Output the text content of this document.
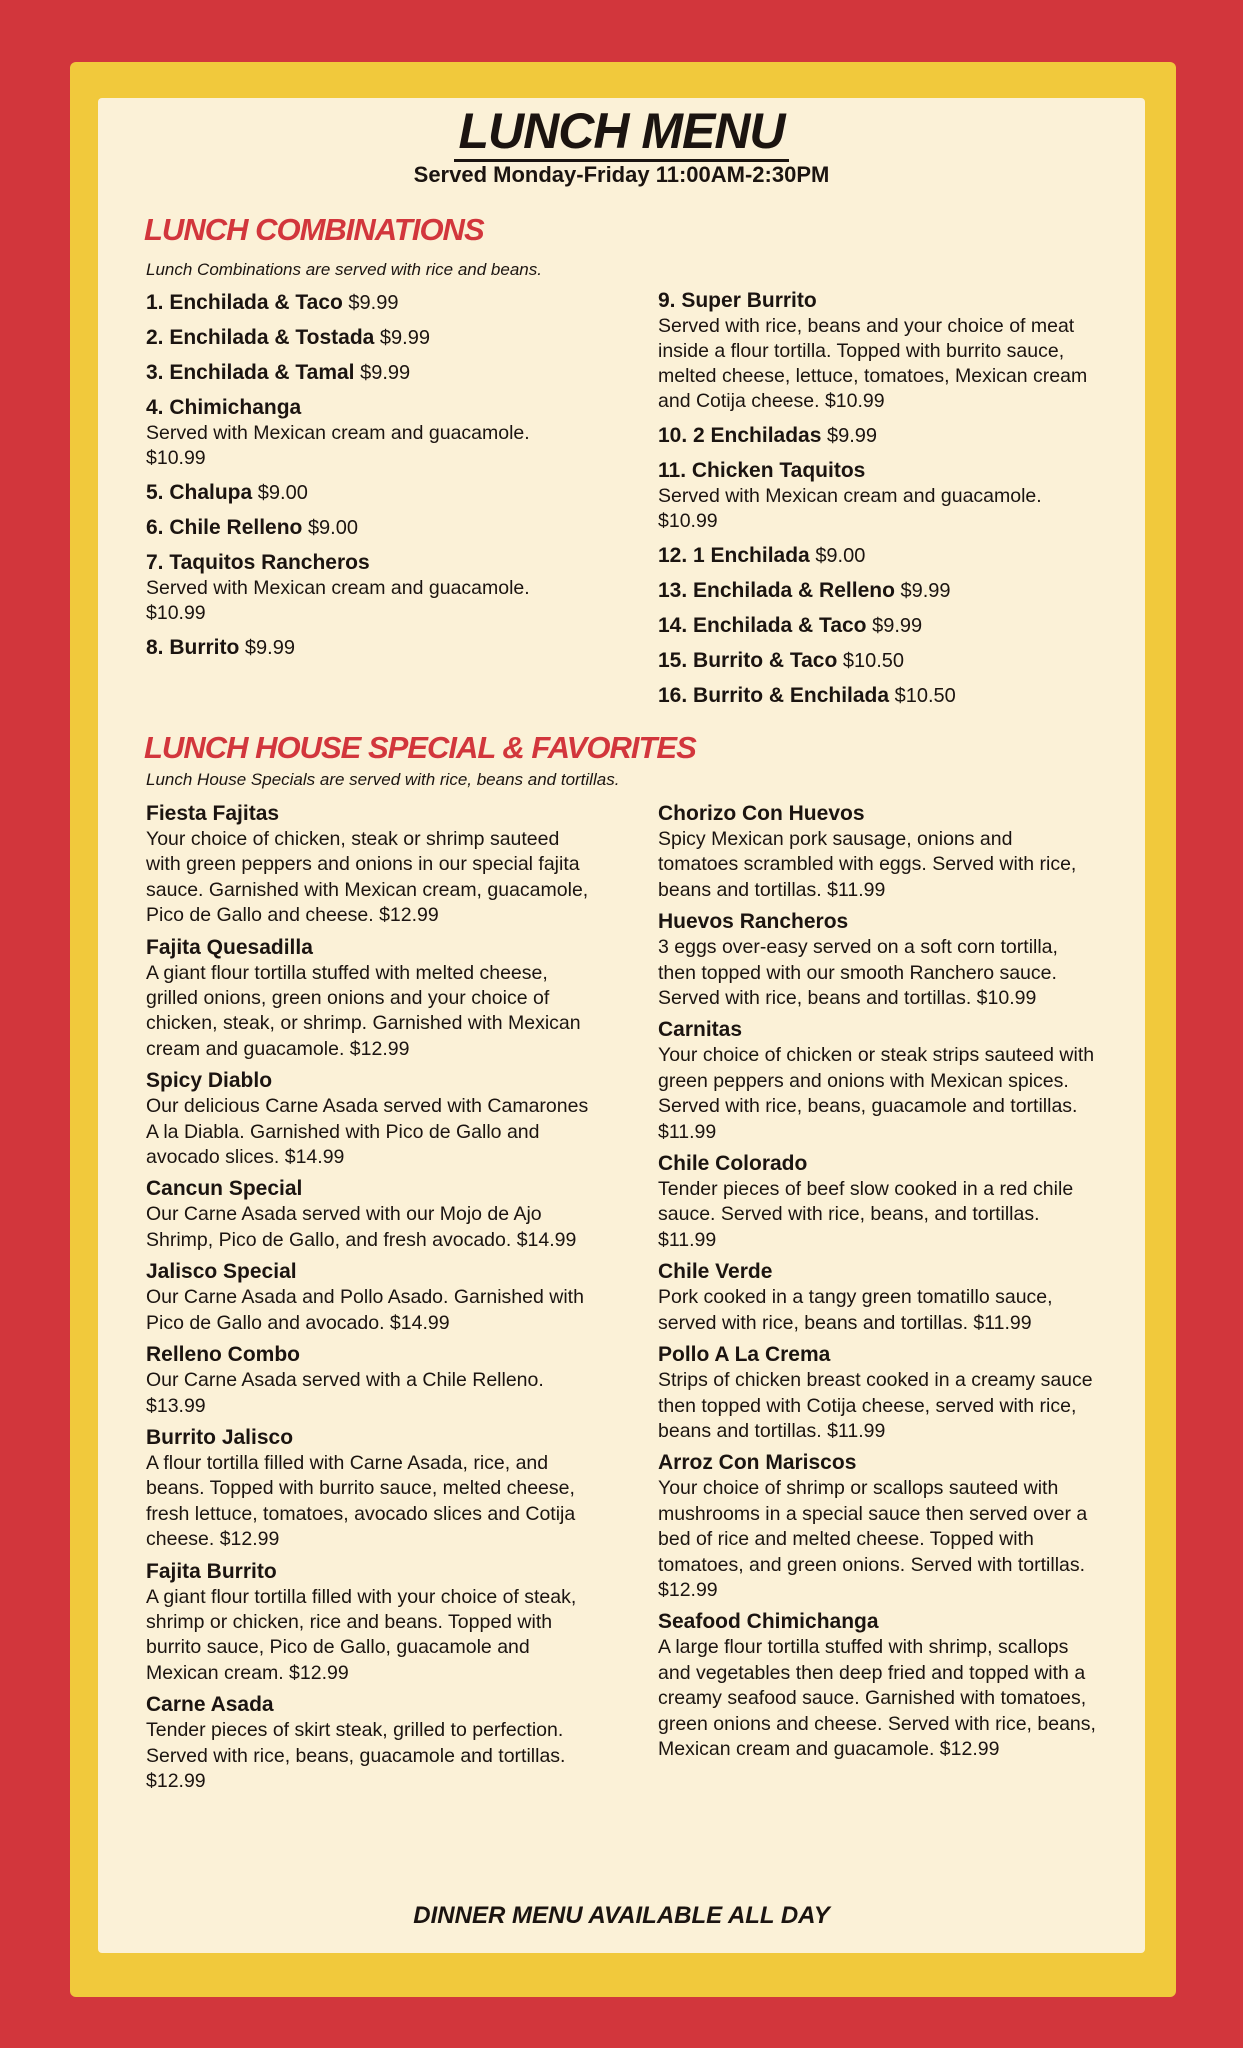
LUNCH MENU
Served Monday-Friday 11:00AM-2:30PM
LUNCH COMBINATIONS
Lunch Combinations are served with rice and beans.
1. Enchilada & Taco $9.99
2. Enchilada & Tostada $9.99
3. Enchilada & Tamal $9.99
4. Chimichanga
Served with Mexican cream and guacamole. $10.99
5. Chalupa $9.00
6. Chile Relleno $9.00
7. Taquitos Rancheros
Served with Mexican cream and guacamole. $10.99
8. Burrito $9.99
9. Super Burrito
Served with rice, beans and your choice of meat inside a flour tortilla. Topped with burrito sauce, melted cheese, lettuce, tomatoes, Mexican cream and Cotija cheese. $10.99
10. 2 Enchiladas $9.99
11. Chicken Taquitos
Served with Mexican cream and guacamole. $10.99
12. 1 Enchilada $9.00
13. Enchilada & Relleno $9.99
14. Enchilada & Taco $9.99
15. Burrito & Taco $10.50
16. Burrito & Enchilada $10.50
LUNCH HOUSE SPECIAL & FAVORITES
Lunch House Specials are served with rice, beans and tortillas.
Fiesta Fajitas
Your choice of chicken, steak or shrimp sauteed with green peppers and onions in our special fajita sauce. Garnished with Mexican cream, guacamole, Pico de Gallo and cheese. $12.99
Fajita Quesadilla
A giant flour tortilla stuffed with melted cheese, grilled onions, green onions and your choice of chicken, steak, or shrimp. Garnished with Mexican cream and guacamole. $12.99
Spicy Diablo
Our delicious Carne Asada served with Camarones A la Diabla. Garnished with Pico de Gallo and avocado slices. $14.99
Cancun Special
Our Carne Asada served with our Mojo de Ajo Shrimp, Pico de Gallo, and fresh avocado. $14.99
Jalisco Special
Our Carne Asada and Pollo Asado. Garnished with Pico de Gallo and avocado. $14.99
Relleno Combo
Our Carne Asada served with a Chile Relleno. $13.99
Burrito Jalisco
A flour tortilla filled with Carne Asada, rice, and beans. Topped with burrito sauce, melted cheese, fresh lettuce, tomatoes, avocado slices and Cotija cheese. $12.99
Fajita Burrito
A giant flour tortilla filled with your choice of steak, shrimp or chicken, rice and beans. Topped with burrito sauce, Pico de Gallo, guacamole and Mexican cream. $12.99
Carne Asada
Tender pieces of skirt steak, grilled to perfection. Served with rice, beans, guacamole and tortillas. $12.99
Chorizo Con Huevos
Spicy Mexican pork sausage, onions and tomatoes scrambled with eggs. Served with rice, beans and tortillas. $11.99
Huevos Rancheros
3 eggs over-easy served on a soft corn tortilla, then topped with our smooth Ranchero sauce. Served with rice, beans and tortillas. $10.99
Carnitas
Your choice of chicken or steak strips sauteed with green peppers and onions with Mexican spices. Served with rice, beans, guacamole and tortillas. $11.99
Chile Colorado
Tender pieces of beef slow cooked in a red chile sauce. Served with rice, beans, and tortillas. $11.99
Chile Verde
Pork cooked in a tangy green tomatillo sauce, served with rice, beans and tortillas. $11.99
Pollo A La Crema
Strips of chicken breast cooked in a creamy sauce then topped with Cotija cheese, served with rice, beans and tortillas. $11.99
Arroz Con Mariscos
Your choice of shrimp or scallops sauteed with mushrooms in a special sauce then served over a bed of rice and melted cheese. Topped with tomatoes, and green onions. Served with tortillas. $12.99
Seafood Chimichanga
A large flour tortilla stuffed with shrimp, scallops and vegetables then deep fried and topped with a creamy seafood sauce. Garnished with tomatoes, green onions and cheese. Served with rice, beans, Mexican cream and guacamole. $12.99
DINNER MENU AVAILABLE ALL DAY
